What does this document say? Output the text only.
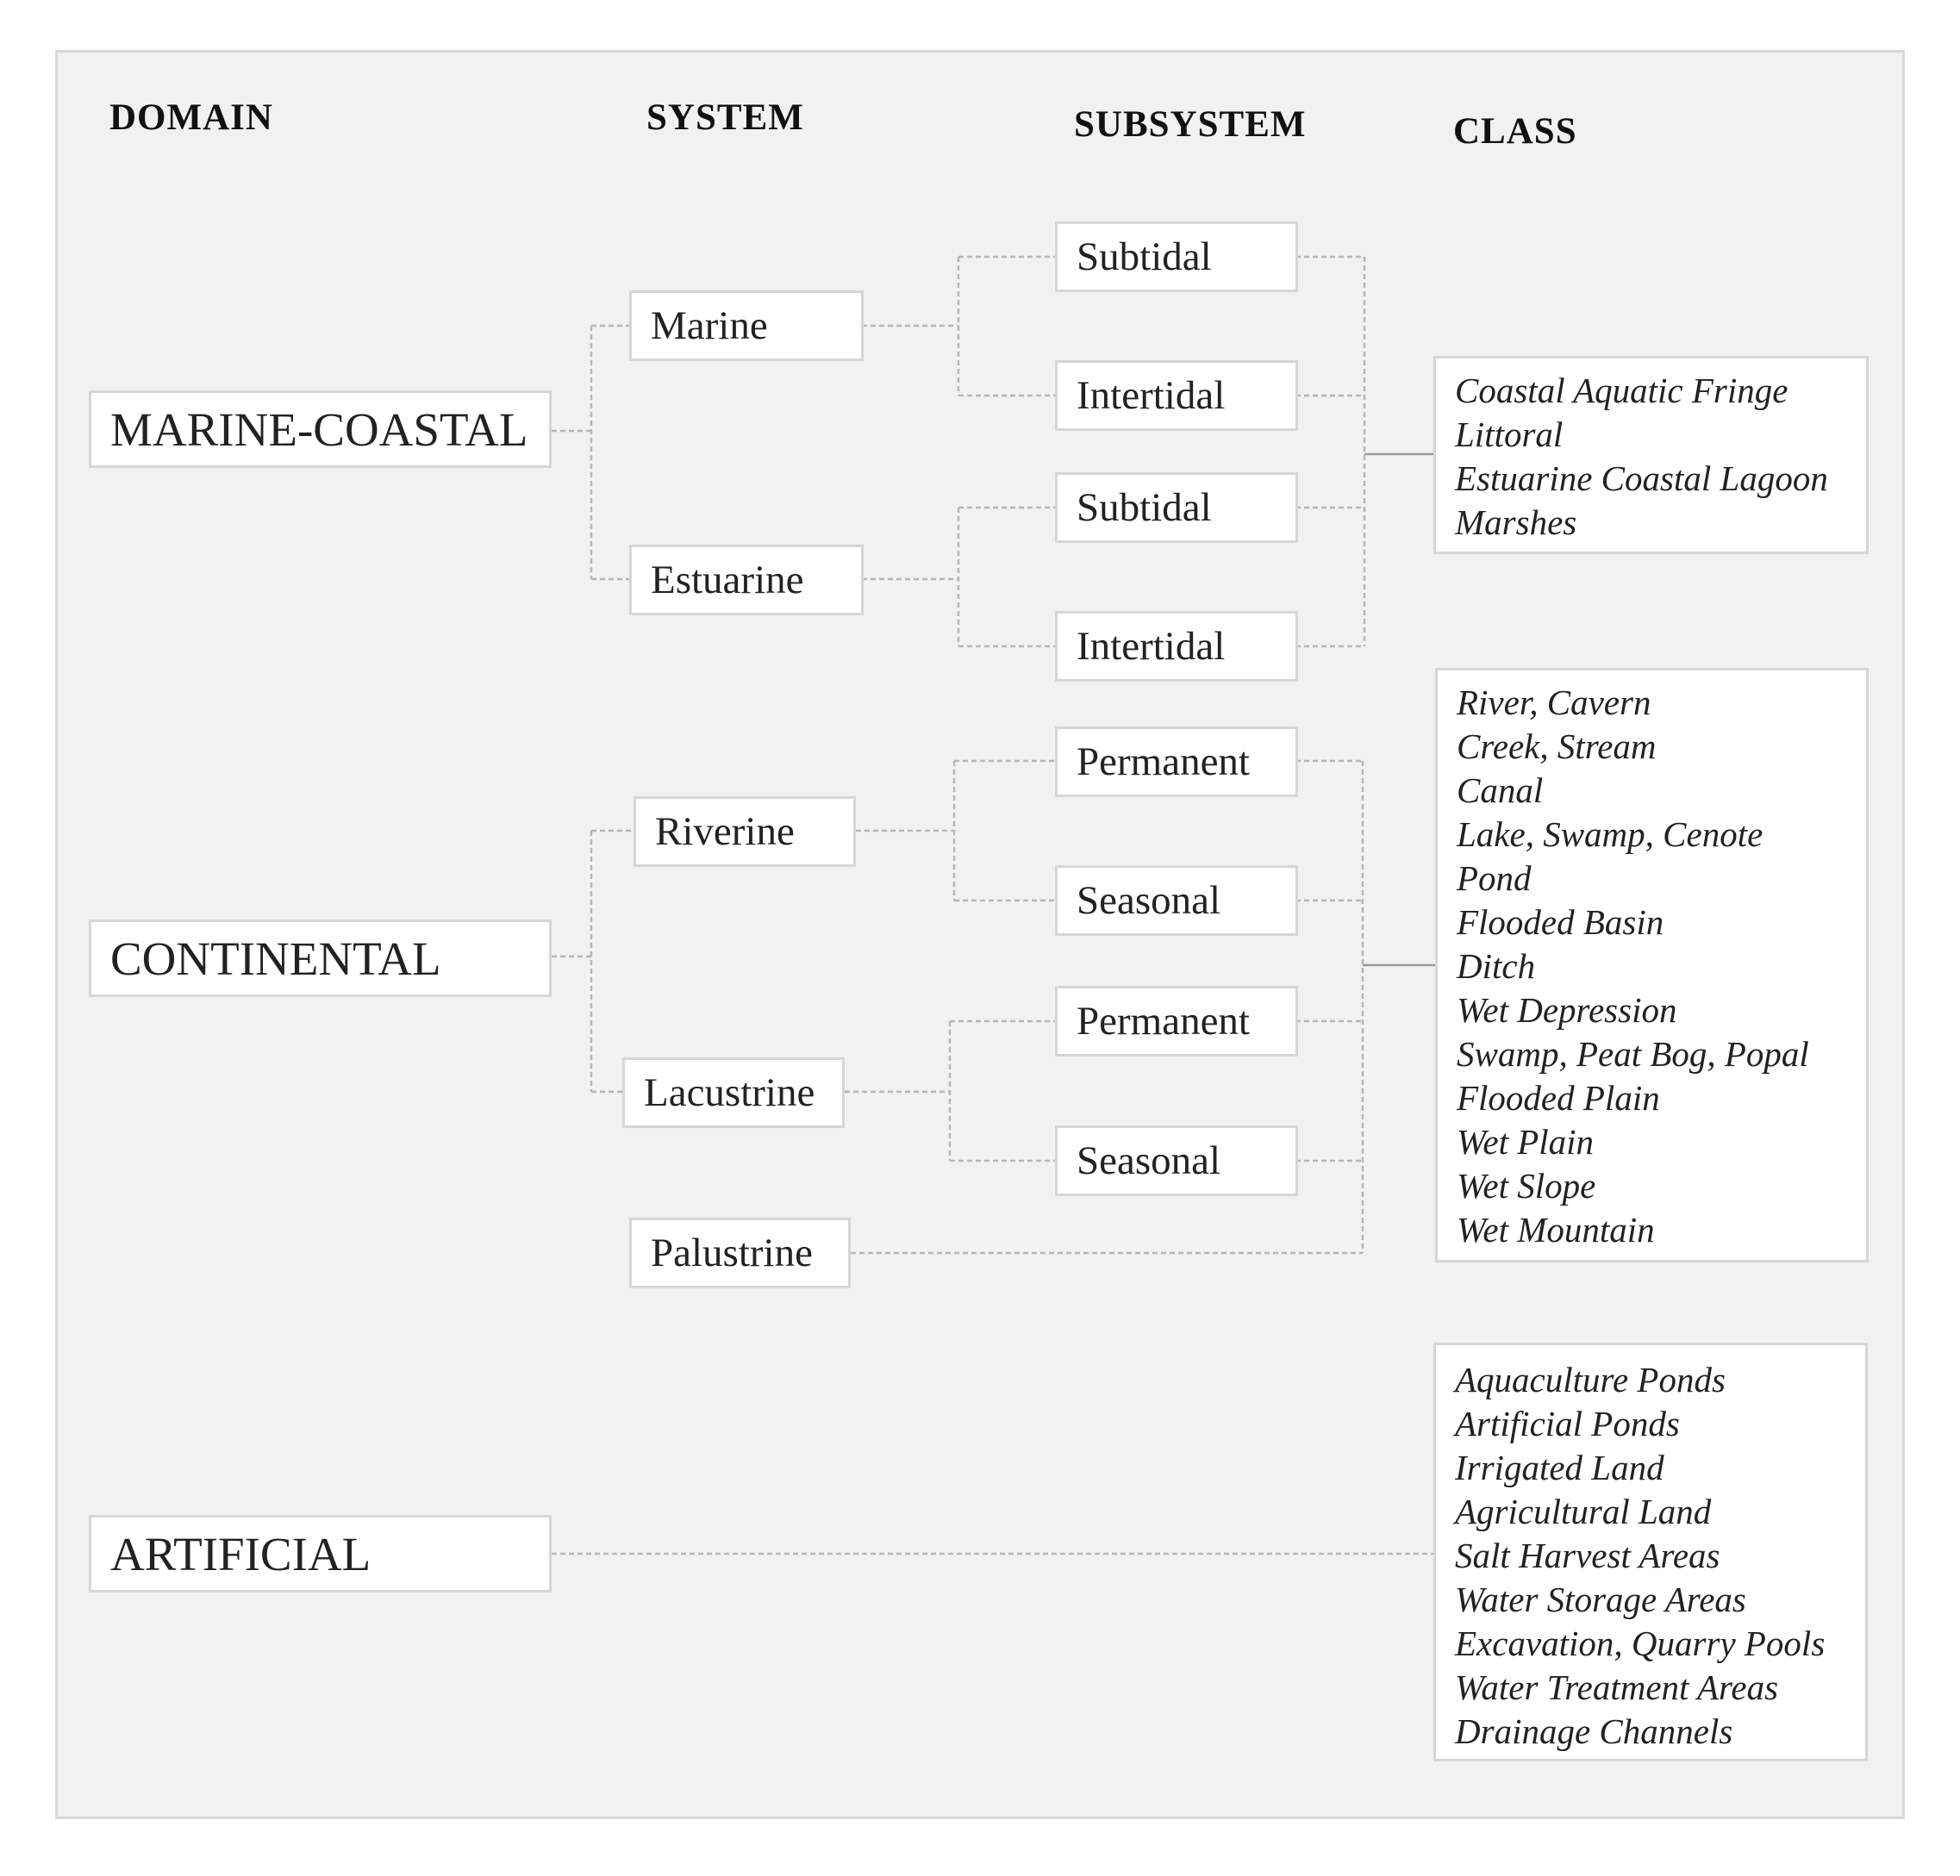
DOMAIN	SYSTEM	SUBSYSTEM	CLASS
MARINE-COASTAL
CONTINENTAL
ARTIFICIAL
Marine
Estuarine
Riverine
Lacustrine
Palustrine
Subtidal
Intertidal
Subtidal
Intertidal
Permanent
Seasonal
Permanent
Seasonal
Coastal Aquatic Fringe
Littoral
Estuarine Coastal Lagoon
Marshes
River, Cavern
Creek, Stream
Canal
Lake, Swamp, Cenote
Pond
Flooded Basin
Ditch
Wet Depression
Swamp, Peat Bog, Popal
Flooded Plain
Wet Plain
Wet Slope
Wet Mountain
Aquaculture Ponds
Artificial Ponds
Irrigated Land
Agricultural Land
Salt Harvest Areas
Water Storage Areas
Excavation, Quarry Pools
Water Treatment Areas
Drainage Channels
